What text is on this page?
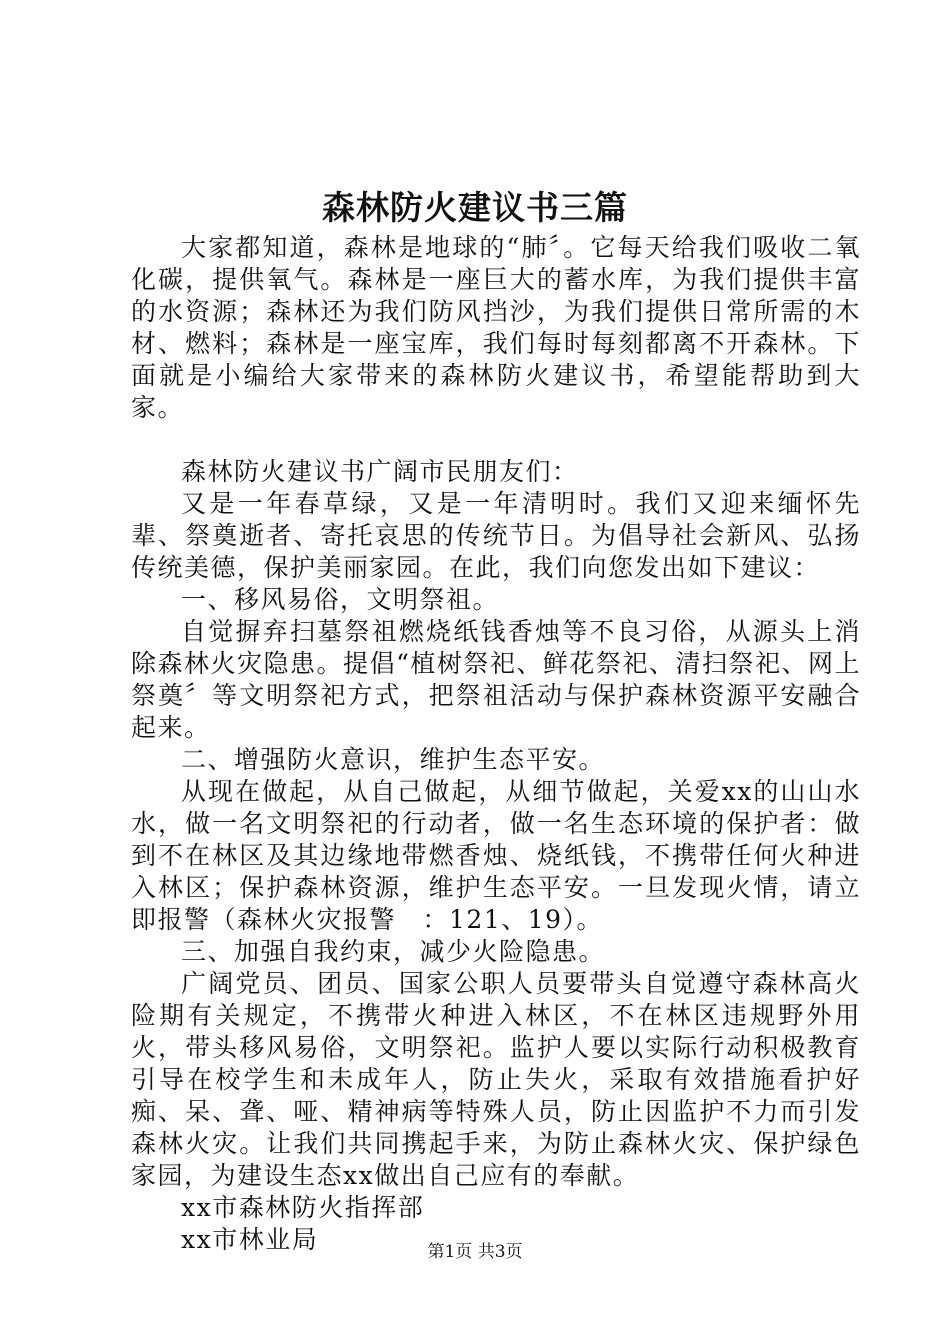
森林防火建议书三篇

大家都知道，森林是地球的“肺〞。它每天给我们吸收二氧化碳，提供氧气。森林是一座巨大的蓄水库，为我们提供丰富的水资源；森林还为我们防风挡沙，为我们提供日常所需的木材、燃料；森林是一座宝库，我们每时每刻都离不开森林。下面就是小编给大家带来的森林防火建议书，希望能帮助到大家。

森林防火建议书广阔市民朋友们：

又是一年春草绿，又是一年清明时。我们又迎来缅怀先辈、祭奠逝者、寄托哀思的传统节日。为倡导社会新风、弘扬传统美德，保护美丽家园。在此，我们向您发出如下建议：

一、移风易俗，文明祭祖。

自觉摒弃扫墓祭祖燃烧纸钱香烛等不良习俗，从源头上消除森林火灾隐患。提倡“植树祭祀、鲜花祭祀、清扫祭祀、网上祭奠〞等文明祭祀方式，把祭祖活动与保护森林资源平安融合起来。

二、增强防火意识，维护生态平安。

从现在做起，从自己做起，从细节做起，关爱xx的山山水水，做一名文明祭祀的行动者，做一名生态环境的保护者：做到不在林区及其边缘地带燃香烛、烧纸钱，不携带任何火种进入林区；保护森林资源，维护生态平安。一旦发现火情，请立即报警（森林火灾报警　：121、19）。

三、加强自我约束，减少火险隐患。

广阔党员、团员、国家公职人员要带头自觉遵守森林高火险期有关规定，不携带火种进入林区，不在林区违规野外用火，带头移风易俗，文明祭祀。监护人要以实际行动积极教育引导在校学生和未成年人，防止失火，采取有效措施看护好痴、呆、聋、哑、精神病等特殊人员，防止因监护不力而引发森林火灾。让我们共同携起手来，为防止森林火灾、保护绿色家园，为建设生态xx做出自己应有的奉献。

xx市森林防火指挥部

xx市林业局	第1页 共3页
